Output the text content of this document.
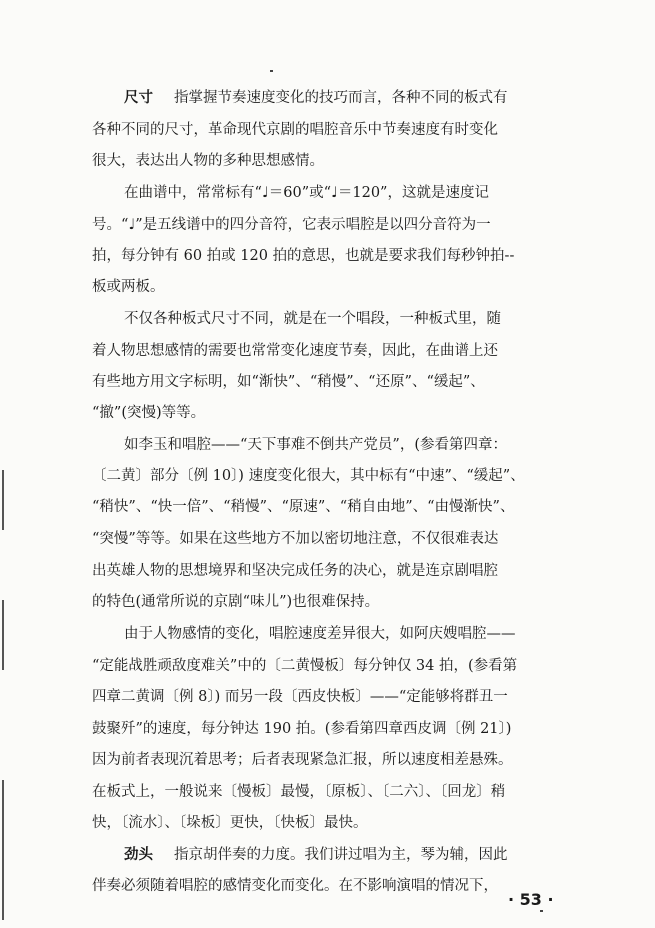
尺寸 指掌握节奏速度变化的技巧而言，各种不同的板式有
各种不同的尺寸，革命现代京剧的唱腔音乐中节奏速度有时变化
很大，表达出人物的多种思想感情。
在曲谱中，常常标有“♩＝60”或“♩＝120”，这就是速度记
号。“♩”是五线谱中的四分音符，它表示唱腔是以四分音符为一
拍，每分钟有 60 拍或 120 拍的意思，也就是要求我们每秒钟拍--
板或两板。
不仅各种板式尺寸不同，就是在一个唱段，一种板式里，随
着人物思想感情的需要也常常变化速度节奏，因此，在曲谱上还
有些地方用文字标明，如“渐快”、“稍慢”、“还原”、“缓起”、
“撤”(突慢)等等。
如李玉和唱腔——“天下事难不倒共产党员”，(参看第四章：
〔二黄〕部分〔例 10〕) 速度变化很大，其中标有“中速”、“缓起”、
“稍快”、“快一倍”、“稍慢”、“原速”、“稍自由地”、“由慢渐快”、
“突慢”等等。如果在这些地方不加以密切地注意，不仅很难表达
出英雄人物的思想境界和坚决完成任务的决心，就是连京剧唱腔
的特色(通常所说的京剧“味儿”)也很难保持。
由于人物感情的变化，唱腔速度差异很大，如阿庆嫂唱腔——
“定能战胜顽敌度难关”中的〔二黄慢板〕每分钟仅 34 拍，(参看第
四章二黄调〔例 8〕) 而另一段〔西皮快板〕——“定能够将群丑一
鼓聚歼”的速度，每分钟达 190 拍。(参看第四章西皮调〔例 21〕)
因为前者表现沉着思考；后者表现紧急汇报，所以速度相差悬殊。
在板式上，一般说来〔慢板〕最慢，〔原板〕、〔二六〕、〔回龙〕稍
快，〔流水〕、〔垛板〕更快，〔快板〕最快。
劲头 指京胡伴奏的力度。我们讲过唱为主，琴为辅，因此
伴奏必须随着唱腔的感情变化而变化。在不影响演唱的情况下，
· 53 ·
